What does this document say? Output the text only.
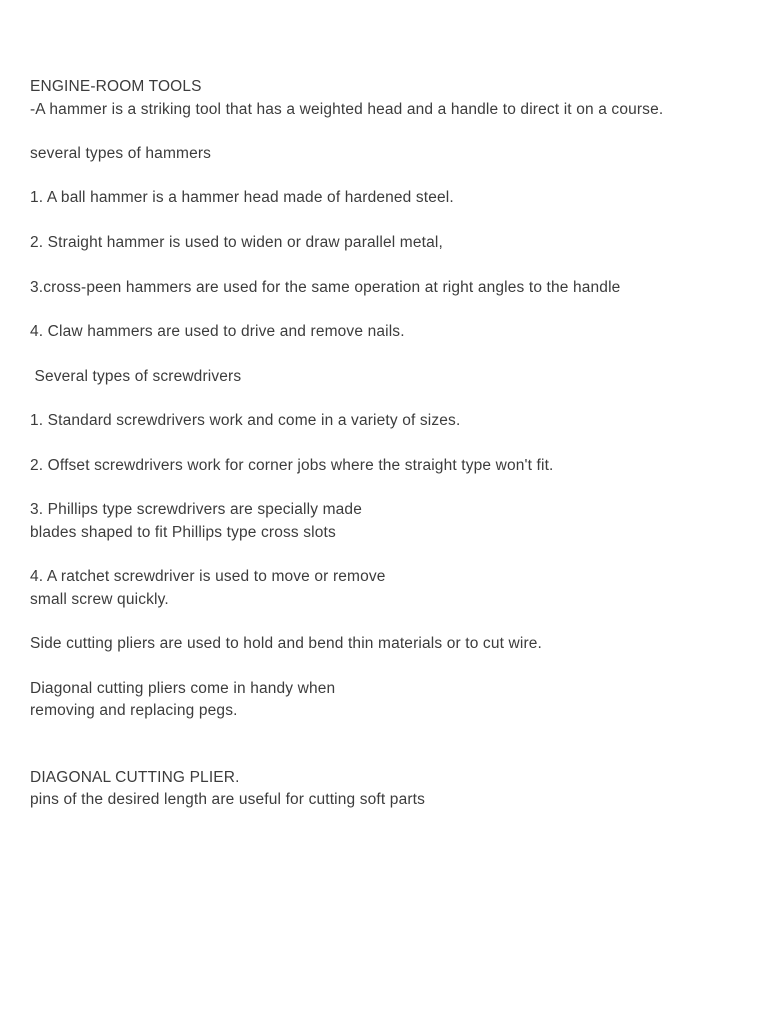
ENGINE-ROOM TOOLS
-A hammer is a striking tool that has a weighted head and a handle to direct it on a course.
several types of hammers
1. A ball hammer is a hammer head made of hardened steel.
2. Straight hammer is used to widen or draw parallel metal,
3.cross-peen hammers are used for the same operation at right angles to the handle
4. Claw hammers are used to drive and remove nails.
Several types of screwdrivers
1. Standard screwdrivers work and come in a variety of sizes.
2. Offset screwdrivers work for corner jobs where the straight type won't fit.
3. Phillips type screwdrivers are specially made
blades shaped to fit Phillips type cross slots
4. A ratchet screwdriver is used to move or remove
small screw quickly.
Side cutting pliers are used to hold and bend thin materials or to cut wire.
Diagonal cutting pliers come in handy when
removing and replacing pegs.
DIAGONAL CUTTING PLIER.
pins of the desired length are useful for cutting soft parts
